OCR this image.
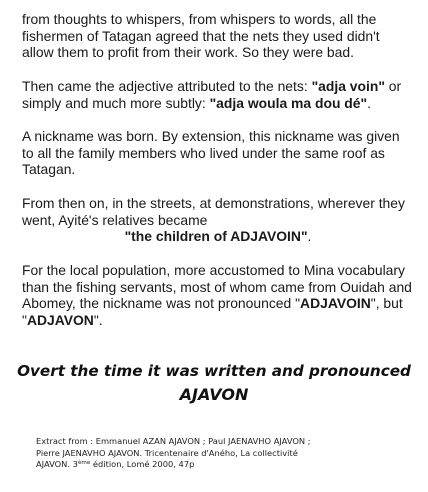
from thoughts to whispers, from whispers to words, all the fishermen of Tatagan agreed that the nets they used didn't allow them to profit from their work. So they were bad.

Then came the adjective attributed to the nets: "adja voin" or simply and much more subtly: "adja woula ma dou dé".

A nickname was born. By extension, this nickname was given to all the family members who lived under the same roof as Tatagan.

From then on, in the streets, at demonstrations, wherever they went, Ayité's relatives became
"the children of ADJAVOIN".

For the local population, more accustomed to Mina vocabulary than the fishing servants, most of whom came from Ouidah and Abomey, the nickname was not pronounced "ADJAVOIN", but "ADJAVON".

Overt the time it was written and pronounced

AJAVON

Extract from : Emmanuel AZAN AJAVON ; Paul JAENAVHO AJAVON ;
Pierre JAENAVHO AJAVON. Tricentenaire d'Aného, La collectivité
AJAVON. 3ème édition, Lomé 2000, 47p
